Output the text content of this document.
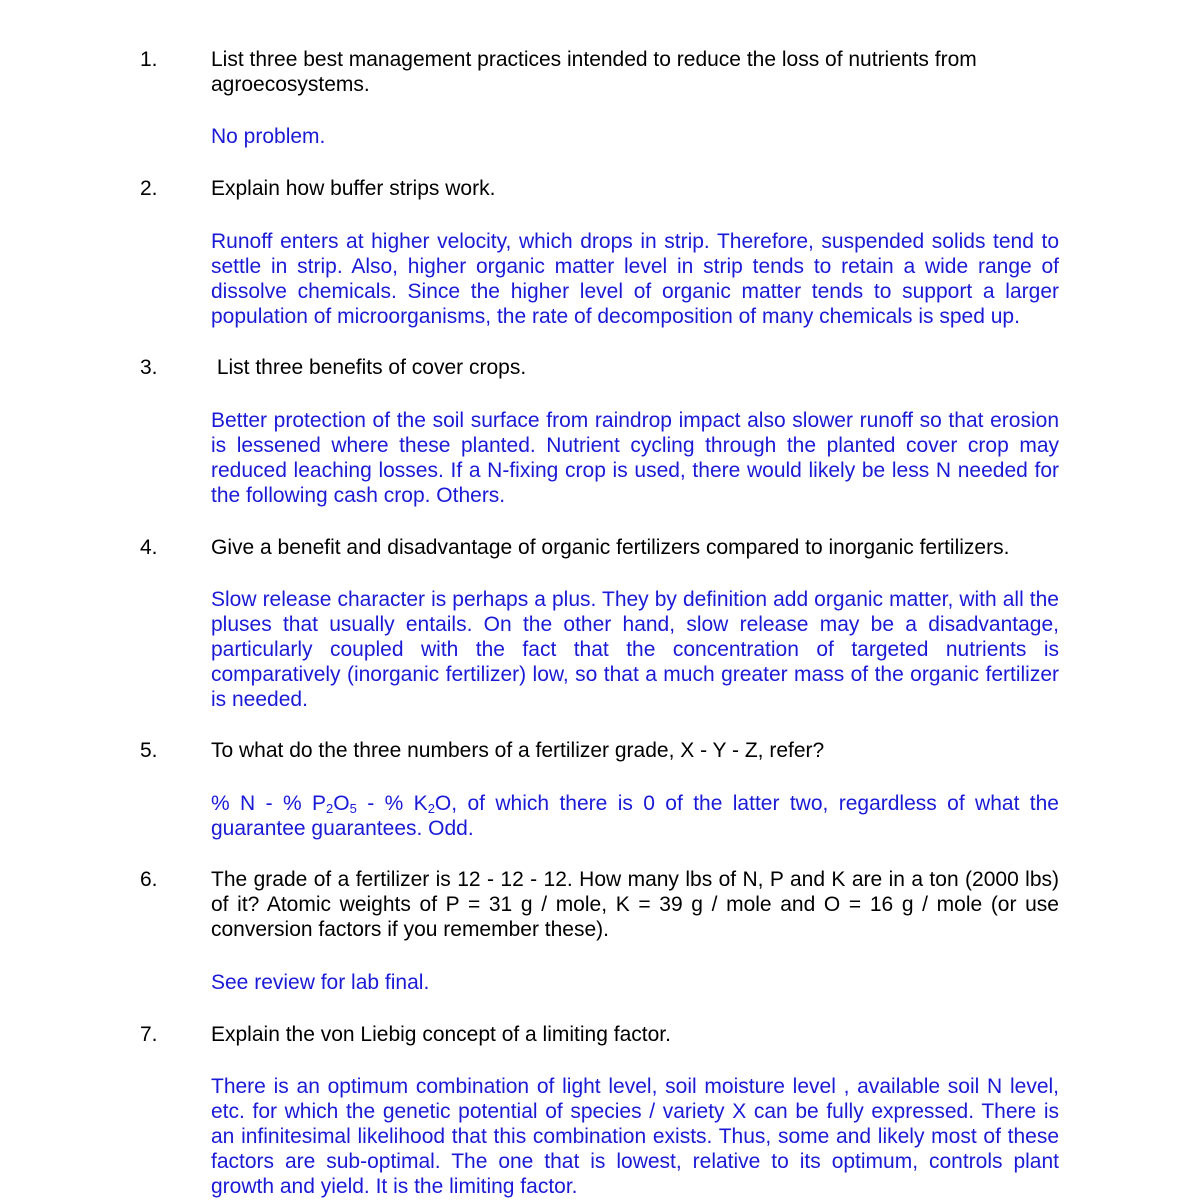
1.	List three best management practices intended to reduce the loss of nutrients from agroecosystems.
No problem.
2.	Explain how buffer strips work.
Runoff enters at higher velocity, which drops in strip. Therefore, suspended solids tend to settle in strip. Also, higher organic matter level in strip tends to retain a wide range of dissolve chemicals. Since the higher level of organic matter tends to support a larger population of microorganisms, the rate of decomposition of many chemicals is sped up.
3.	List three benefits of cover crops.
Better protection of the soil surface from raindrop impact also slower runoff so that erosion is lessened where these planted. Nutrient cycling through the planted cover crop may reduced leaching losses. If a N-fixing crop is used, there would likely be less N needed for the following cash crop. Others.
4.	Give a benefit and disadvantage of organic fertilizers compared to inorganic fertilizers.
Slow release character is perhaps a plus. They by definition add organic matter, with all the pluses that usually entails. On the other hand, slow release may be a disadvantage, particularly coupled with the fact that the concentration of targeted nutrients is comparatively (inorganic fertilizer) low, so that a much greater mass of the organic fertilizer is needed.
5.	To what do the three numbers of a fertilizer grade, X - Y - Z, refer?
% N - % $P_2O_5$ - % $K_2O$, of which there is 0 of the latter two, regardless of what the guarantee guarantees. Odd.
6.	The grade of a fertilizer is 12 - 12 - 12. How many lbs of N, P and K are in a ton (2000 lbs) of it? Atomic weights of P = 31 g / mole, K = 39 g / mole and O = 16 g / mole (or use conversion factors if you remember these).
See review for lab final.
7.	Explain the von Liebig concept of a limiting factor.
There is an optimum combination of light level, soil moisture level , available soil N level, etc. for which the genetic potential of species / variety X can be fully expressed. There is an infinitesimal likelihood that this combination exists. Thus, some and likely most of these factors are sub-optimal. The one that is lowest, relative to its optimum, controls plant growth and yield. It is the limiting factor.
